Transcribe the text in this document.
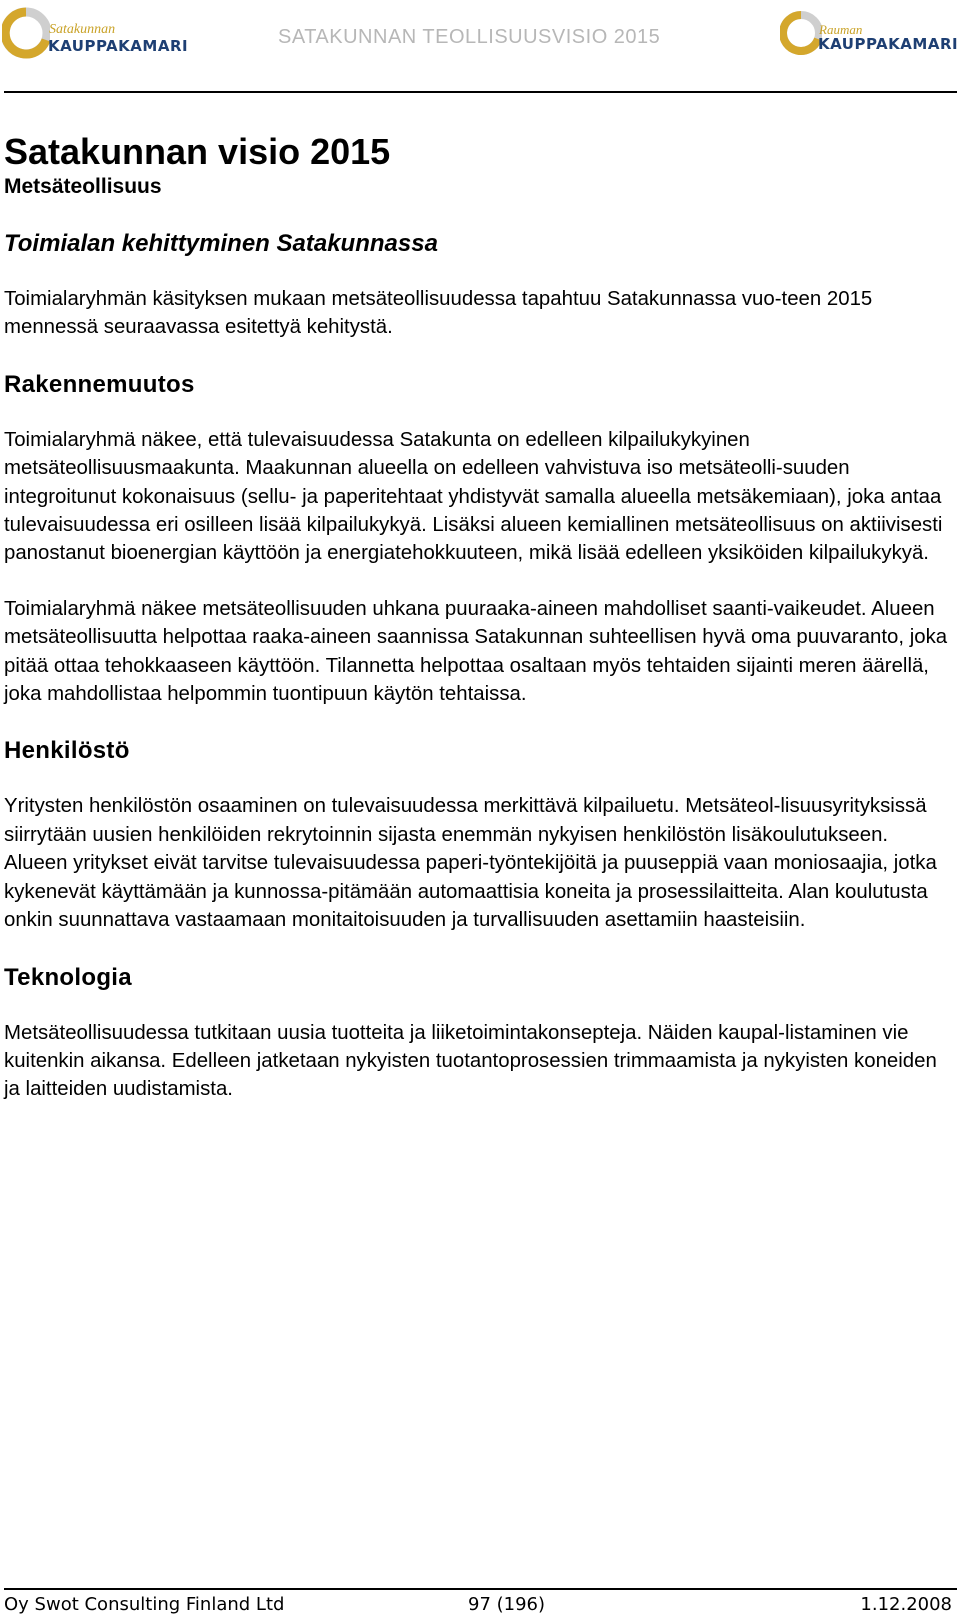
Satakunnan
KAUPPAKAMARI	SATAKUNNAN TEOLLISUUSVISIO 2015	Rauman
KAUPPAKAMARI
Satakunnan visio 2015
Metsäteollisuus
Toimialan kehittyminen Satakunnassa

Toimialaryhmän käsityksen mukaan metsäteollisuudessa tapahtuu Satakunnassa vuo-teen 2015 mennessä seuraavassa esitettyä kehitystä.

Rakennemuutos

Toimialaryhmä näkee, että tulevaisuudessa Satakunta on edelleen kilpailukykyinen metsäteollisuusmaakunta. Maakunnan alueella on edelleen vahvistuva iso metsäteolli-suuden integroitunut kokonaisuus (sellu- ja paperitehtaat yhdistyvät samalla alueella metsäkemiaan), joka antaa tulevaisuudessa eri osilleen lisää kilpailukykyä. Lisäksi alueen kemiallinen metsäteollisuus on aktiivisesti panostanut bioenergian käyttöön ja energiatehokkuuteen, mikä lisää edelleen yksiköiden kilpailukykyä.

Toimialaryhmä näkee metsäteollisuuden uhkana puuraaka-aineen mahdolliset saanti-vaikeudet. Alueen metsäteollisuutta helpottaa raaka-aineen saannissa Satakunnan suhteellisen hyvä oma puuvaranto, joka pitää ottaa tehokkaaseen käyttöön. Tilannetta helpottaa osaltaan myös tehtaiden sijainti meren äärellä, joka mahdollistaa helpommin tuontipuun käytön tehtaissa.

Henkilöstö

Yritysten henkilöstön osaaminen on tulevaisuudessa merkittävä kilpailuetu. Metsäteol-lisuusyrityksissä siirrytään uusien henkilöiden rekrytoinnin sijasta enemmän nykyisen henkilöstön lisäkoulutukseen. Alueen yritykset eivät tarvitse tulevaisuudessa paperi-työntekijöitä ja puuseppiä vaan moniosaajia, jotka kykenevät käyttämään ja kunnossa-pitämään automaattisia koneita ja prosessilaitteita. Alan koulutusta onkin suunnattava vastaamaan monitaitoisuuden ja turvallisuuden asettamiin haasteisiin.

Teknologia

Metsäteollisuudessa tutkitaan uusia tuotteita ja liiketoimintakonsepteja. Näiden kaupal-listaminen vie kuitenkin aikansa. Edelleen jatketaan nykyisten tuotantoprosessien trimmaamista ja nykyisten koneiden ja laitteiden uudistamista.

Oy Swot Consulting Finland Ltd	97 (196)	1.12.2008
